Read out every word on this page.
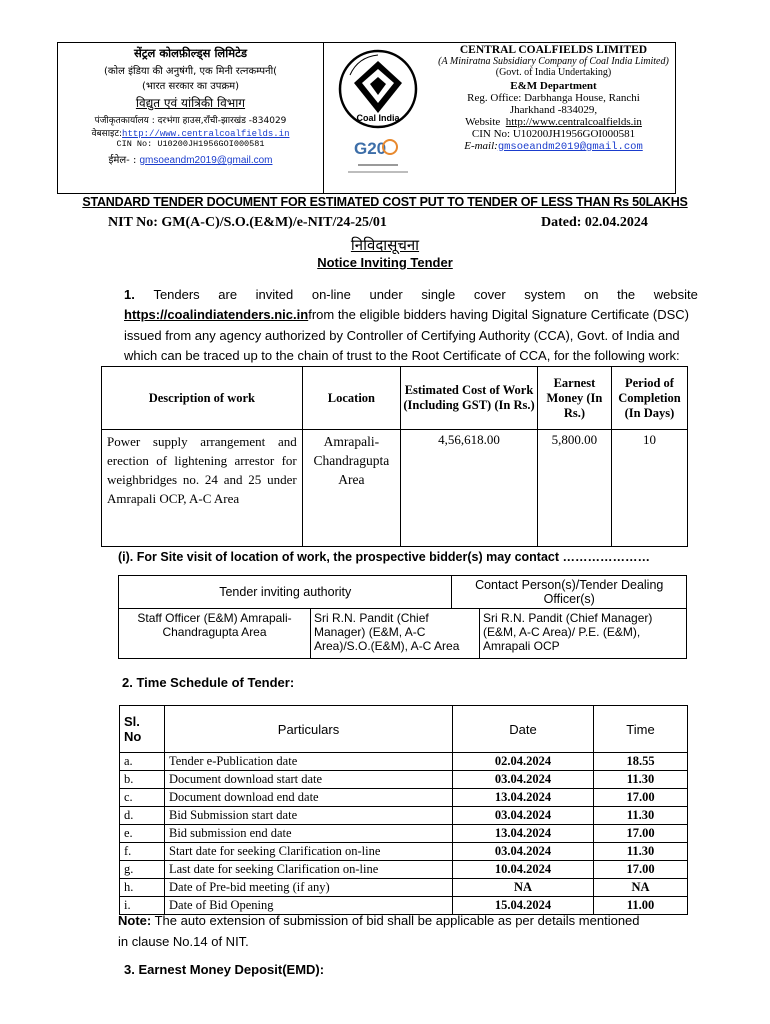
सेंट्रल कोलफ़ील्ड्स लिमिटेड
(कोल इंडिया की अनुषंगी, एक मिनी रत्नकम्पनी(
(भारत सरकार का उपक्रम)
विद्युत एवं यांत्रिकी विभाग
पंजीकृतकार्यालय : दरभंगा हाउस,राँची-झारखंड -834029
वेबसाइट:http://www.centralcoalfields.in
CIN No: U10200JH1956GOI000581
ईमेल- : gmsoeandm2019@gmail.com
Coal India
G20
CENTRAL COALFIELDS LIMITED
(A Miniratna Subsidiary Company of Coal India Limited)
(Govt. of India Undertaking)
E&M Department
Reg. Office: Darbhanga House, Ranchi
Jharkhand -834029,
Website http://www.centralcoalfields.in
CIN No: U10200JH1956GOI000581
E-mail:gmsoeandm2019@gmail.com
STANDARD TENDER DOCUMENT FOR ESTIMATED COST PUT TO TENDER OF LESS THAN Rs 50LAKHS
NIT No: GM(A-C)/S.O.(E&M)/e-NIT/24-25/01	Dated: 02.04.2024
निविदासूचना
Notice Inviting Tender
1. Tenders are invited on-line under single cover system on the website
https://coalindiatenders.nic.infrom the eligible bidders having Digital Signature Certificate (DSC)
issued from any agency authorized by Controller of Certifying Authority (CCA), Govt. of India and
which can be traced up to the chain of trust to the Root Certificate of CCA, for the following work:
Description of work	Location	Estimated Cost of Work (Including GST) (In Rs.)	Earnest Money (In Rs.)	Period of Completion (In Days)
Power supply arrangement and erection of lightening arrestor for weighbridges no. 24 and 25 under Amrapali OCP, A-C Area	Amrapali-Chandragupta Area	4,56,618.00	5,800.00	10
(i). For Site visit of location of work, the prospective bidder(s) may contact …………………
Tender inviting authority		Contact Person(s)/Tender Dealing Officer(s)	
Staff Officer (E&M) Amrapali- Chandragupta Area	Sri R.N. Pandit (Chief Manager) (E&M, A-C Area)/S.O.(E&M), A-C Area		Sri R.N. Pandit (Chief Manager) (E&M, A-C Area)/ P.E. (E&M), Amrapali OCP
2. Time Schedule of Tender:
Sl. No	Particulars	Date	Time
a.	Tender e-Publication date	02.04.2024	18.55
b.	Document download start date	03.04.2024	11.30
c.	Document download end date	13.04.2024	17.00
d.	Bid Submission start date	03.04.2024	11.30
e.	Bid submission end date	13.04.2024	17.00
f.	Start date for seeking Clarification on-line	03.04.2024	11.30
g.	Last date for seeking Clarification on-line	10.04.2024	17.00
h.	Date of Pre-bid meeting (if any)	NA	NA
i.	Date of Bid Opening	15.04.2024	11.00
Note: The auto extension of submission of bid shall be applicable as per details mentioned
in clause No.14 of NIT.
3. Earnest Money Deposit(EMD):
